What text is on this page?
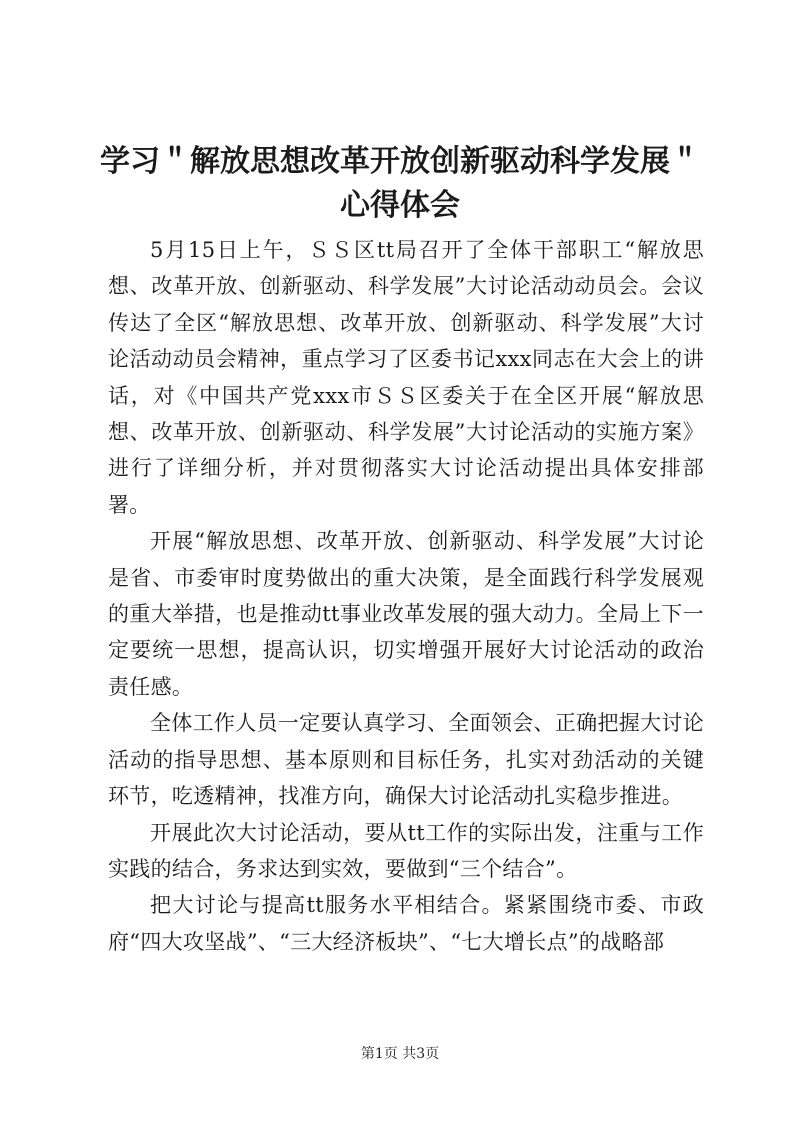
学习＂解放思想改革开放创新驱动科学发展＂心得体会

5月15日上午，ＳＳ区tt局召开了全体干部职工“解放思想、改革开放、创新驱动、科学发展”大讨论活动动员会。会议传达了全区“解放思想、改革开放、创新驱动、科学发展”大讨论活动动员会精神，重点学习了区委书记xxx同志在大会上的讲话，对《中国共产党xxx市ＳＳ区委关于在全区开展“解放思想、改革开放、创新驱动、科学发展”大讨论活动的实施方案》进行了详细分析，并对贯彻落实大讨论活动提出具体安排部署。

开展“解放思想、改革开放、创新驱动、科学发展”大讨论是省、市委审时度势做出的重大决策，是全面践行科学发展观的重大举措，也是推动tt事业改革发展的强大动力。全局上下一定要统一思想，提高认识，切实增强开展好大讨论活动的政治责任感。

全体工作人员一定要认真学习、全面领会、正确把握大讨论活动的指导思想、基本原则和目标任务，扎实对劲活动的关键环节，吃透精神，找准方向，确保大讨论活动扎实稳步推进。

开展此次大讨论活动，要从tt工作的实际出发，注重与工作实践的结合，务求达到实效，要做到“三个结合”。

把大讨论与提高tt服务水平相结合。紧紧围绕市委、市政府“四大攻坚战”、“三大经济板块”、“七大增长点”的战略部

第1页 共3页
